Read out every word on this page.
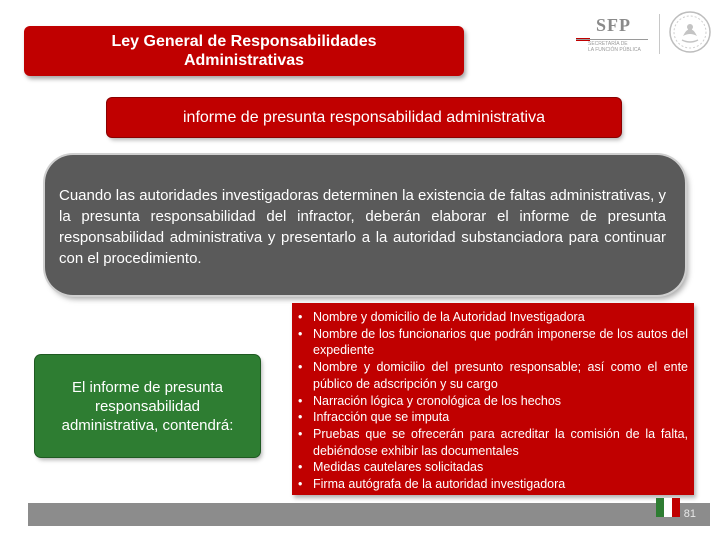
Ley General de Responsabilidades
Administrativas
SFP
SECRETARÍA DE
LA FUNCIÓN PÚBLICA
informe de presunta responsabilidad administrativa
Cuando las autoridades investigadoras determinen la existencia de faltas administrativas, y la presunta responsabilidad del infractor, deberán elaborar el informe de presunta responsabilidad administrativa y presentarlo a la autoridad substanciadora para continuar con el procedimiento.
El informe de presunta responsabilidad administrativa, contendrá:
• Nombre y domicilio de la Autoridad Investigadora
• Nombre de los funcionarios que podrán imponerse de los autos del expediente
• Nombre y domicilio del presunto responsable; así como el ente público de adscripción y su cargo
• Narración lógica y cronológica de los hechos
• Infracción que se imputa
• Pruebas que se ofrecerán para acreditar la comisión de la falta, debiéndose exhibir las documentales
• Medidas cautelares solicitadas
• Firma autógrafa de la autoridad investigadora
81
